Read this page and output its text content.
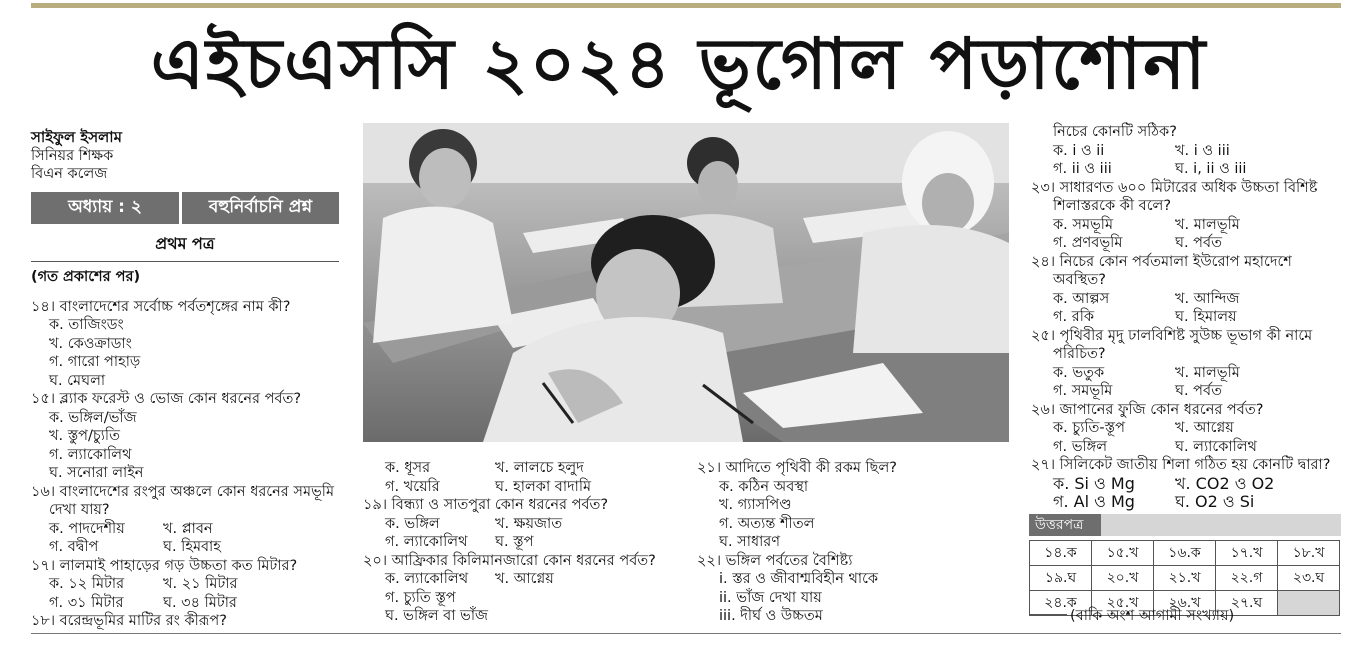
এইচএসসি ২০২৪ ভূগোল পড়াশোনা
সাইফুল ইসলাম
সিনিয়র শিক্ষক
বিএন কলেজ
অধ্যায় : ২	বহুনির্বাচনি প্রশ্ন
প্রথম পত্র
(গত প্রকাশের পর)
১৪। বাংলাদেশের সর্বোচ্চ পর্বতশৃঙ্গের নাম কী?
ক. তাজিংডং
খ. কেওক্রাডাং
গ. গারো পাহাড়
ঘ. মেঘলা
১৫। ব্ল্যাক ফরেস্ট ও ভোজ কোন ধরনের পর্বত?
ক. ভঙ্গিল/ভাঁজ
খ. স্তুপ/চ্যুতি
গ. ল্যাকোলিথ
ঘ. সনোরা লাইন
১৬। বাংলাদেশের রংপুর অঞ্চলে কোন ধরনের সমভূমি
দেখা যায়?
ক. পাদদেশীয়	খ. প্লাবন
গ. বদ্বীপ	ঘ. হিমবাহ
১৭। লালমাই পাহাড়ের গড় উচ্চতা কত মিটার?
ক. ১২ মিটার	খ. ২১ মিটার
গ. ৩১ মিটার	ঘ. ৩৪ মিটার
১৮। বরেন্দ্রভূমির মাটির রং কীরূপ?
ক. ধূসর	খ. লালচে হলুদ
গ. খয়েরি	ঘ. হালকা বাদামি
১৯। বিন্ধ্যা ও সাতপুরা কোন ধরনের পর্বত?
ক. ভঙ্গিল	খ. ক্ষয়জাত
গ. ল্যাকোলিথ	ঘ. স্তূপ
২০। আফ্রিকার কিলিমানজারো কোন ধরনের পর্বত?
ক. ল্যাকোলিথ	খ. আগ্নেয়
গ. চ্যুতি স্তূপ
ঘ. ভঙ্গিল বা ভাঁজ
২১। আদিতে পৃথিবী কী রকম ছিল?
ক. কঠিন অবস্থা
খ. গ্যাসপিণ্ড
গ. অত্যন্ত শীতল
ঘ. সাধারণ
২২। ভঙ্গিল পর্বতের বৈশিষ্ট্য
i. স্তর ও জীবাশ্মবিহীন থাকে
ii. ভাঁজ দেখা যায়
iii. দীর্ঘ ও উচ্চতম
নিচের কোনটি সঠিক?
ক. i ও ii	খ. i ও iii
গ. ii ও iii	ঘ. i, ii ও iii
২৩। সাধারণত ৬০০ মিটারের অধিক উচ্চতা বিশিষ্ট
শিলাস্তরকে কী বলে?
ক. সমভূমি	খ. মালভূমি
গ. প্রণবভূমি	ঘ. পর্বত
২৪। নিচের কোন পর্বতমালা ইউরোপ মহাদেশে
অবস্থিত?
ক. আল্পস	খ. আন্দিজ
গ. রকি	ঘ. হিমালয়
২৫। পৃথিবীর মৃদু ঢালবিশিষ্ট সুউচ্চ ভূভাগ কী নামে
পরিচিত?
ক. ভতুক	খ. মালভূমি
গ. সমভূমি	ঘ. পর্বত
২৬। জাপানের ফুজি কোন ধরনের পর্বত?
ক. চ্যুতি-স্তূপ	খ. আগ্নেয়
গ. ভঙ্গিল	ঘ. ল্যাকোলিথ
২৭। সিলিকেট জাতীয় শিলা গঠিত হয় কোনটি দ্বারা?
ক. Si ও Mg	খ. CO2 ও O2
গ. Al ও Mg	ঘ. O2 ও Si
উত্তরপত্র
১৪.ক	১৫.খ	১৬.ক	১৭.খ	১৮.খ
১৯.ঘ	২০.খ	২১.খ	২২.গ	২৩.ঘ
২৪.ক	২৫.খ	২৬.খ	২৭.ঘ	
(বাকি অংশ আগামী সংখ্যায়)
